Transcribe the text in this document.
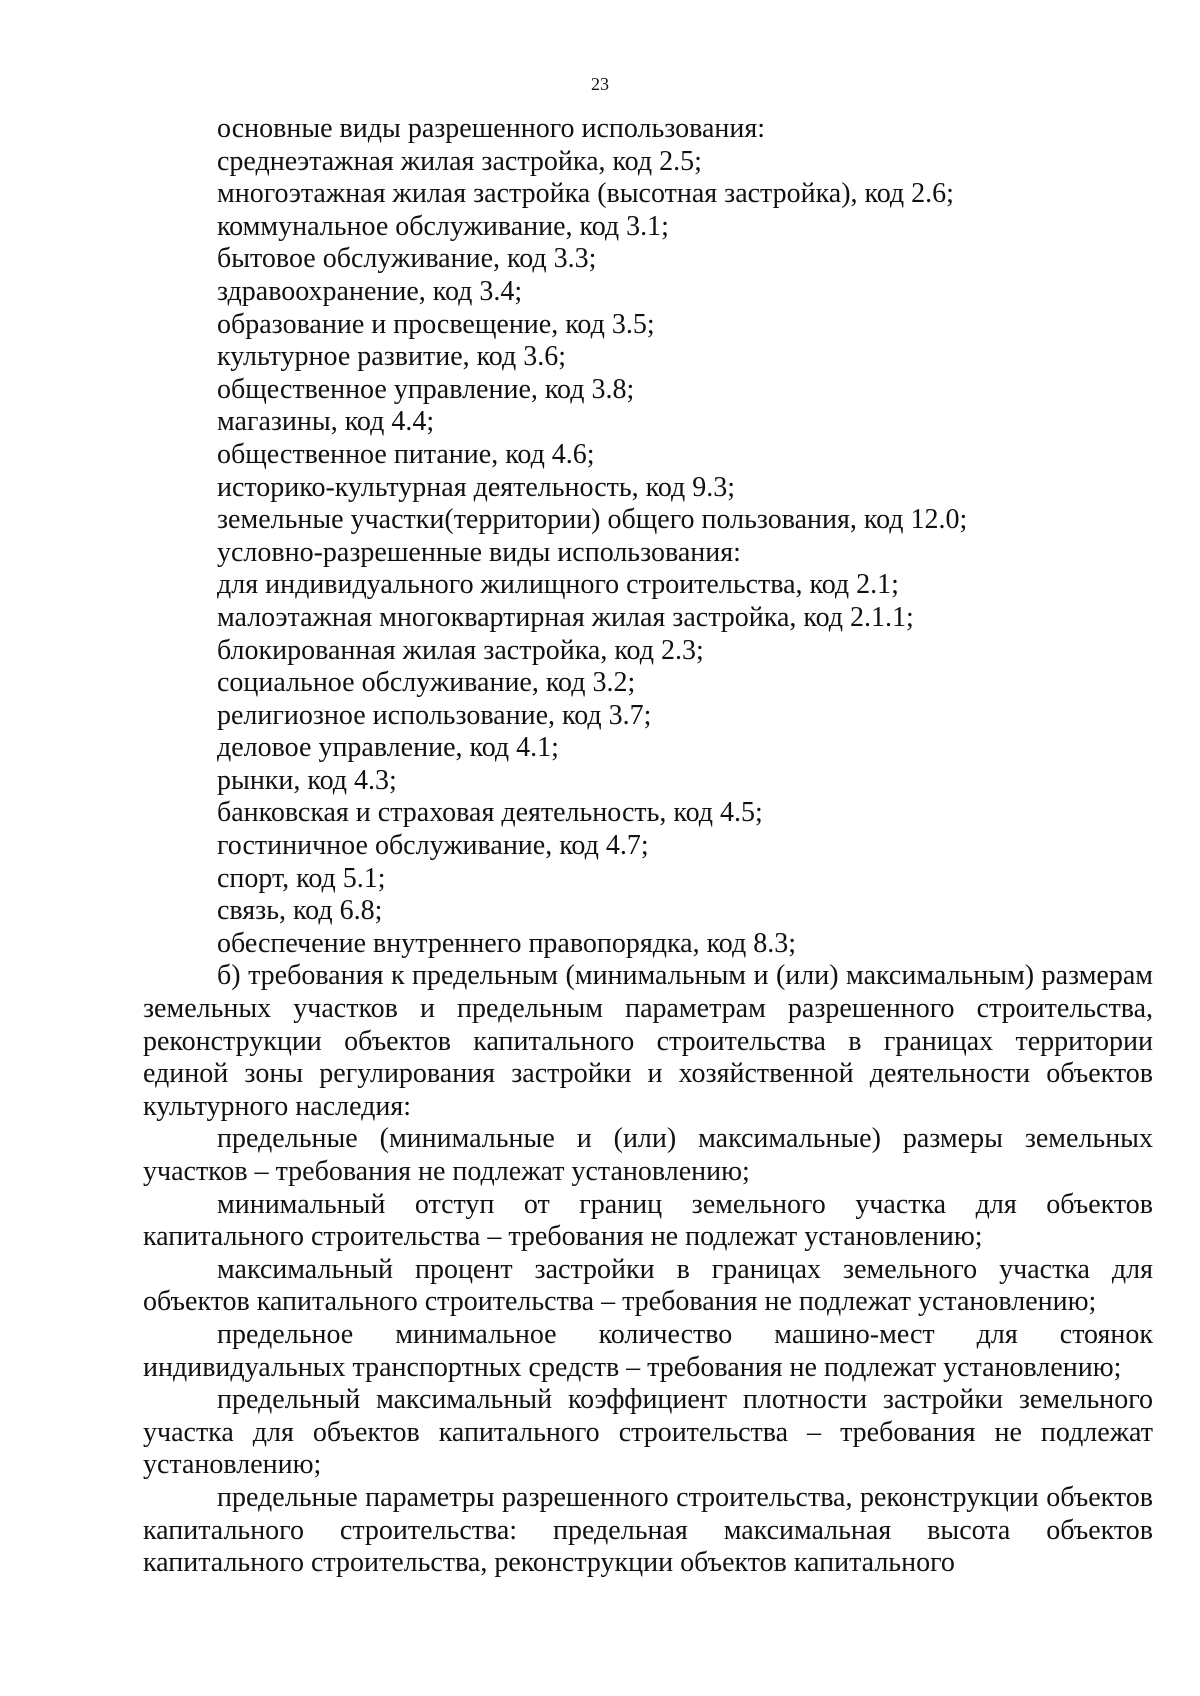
23

основные виды разрешенного использования:

среднеэтажная жилая застройка, код 2.5;

многоэтажная жилая застройка (высотная застройка), код 2.6;

коммунальное обслуживание, код 3.1;

бытовое обслуживание, код 3.3;

здравоохранение, код 3.4;

образование и просвещение, код 3.5;

культурное развитие, код 3.6;

общественное управление, код 3.8;

магазины, код 4.4;

общественное питание, код 4.6;

историко-культурная деятельность, код 9.3;

земельные участки(территории) общего пользования, код 12.0;

условно-разрешенные виды использования:

для индивидуального жилищного строительства, код 2.1;

малоэтажная многоквартирная жилая застройка, код 2.1.1;

блокированная жилая застройка, код 2.3;

социальное обслуживание, код 3.2;

религиозное использование, код 3.7;

деловое управление, код 4.1;

рынки, код 4.3;

банковская и страховая деятельность, код 4.5;

гостиничное обслуживание, код 4.7;

спорт, код 5.1;

связь, код 6.8;

обеспечение внутреннего правопорядка, код 8.3;

б) требования к предельным (минимальным и (или) максимальным) размерам земельных участков и предельным параметрам разрешенного строительства, реконструкции объектов капитального строительства в границах территории единой зоны регулирования застройки и хозяйственной деятельности объектов культурного наследия:

предельные (минимальные и (или) максимальные) размеры земельных участков – требования не подлежат установлению;

минимальный отступ от границ земельного участка для объектов капитального строительства – требования не подлежат установлению;

максимальный процент застройки в границах земельного участка для объектов капитального строительства – требования не подлежат установлению;

предельное минимальное количество машино-мест для стоянок индивидуальных транспортных средств – требования не подлежат установлению;

предельный максимальный коэффициент плотности застройки земельного участка для объектов капитального строительства – требования не подлежат установлению;

предельные параметры разрешенного строительства, реконструкции объектов капитального строительства: предельная максимальная высота объектов капитального строительства, реконструкции объектов капитального
